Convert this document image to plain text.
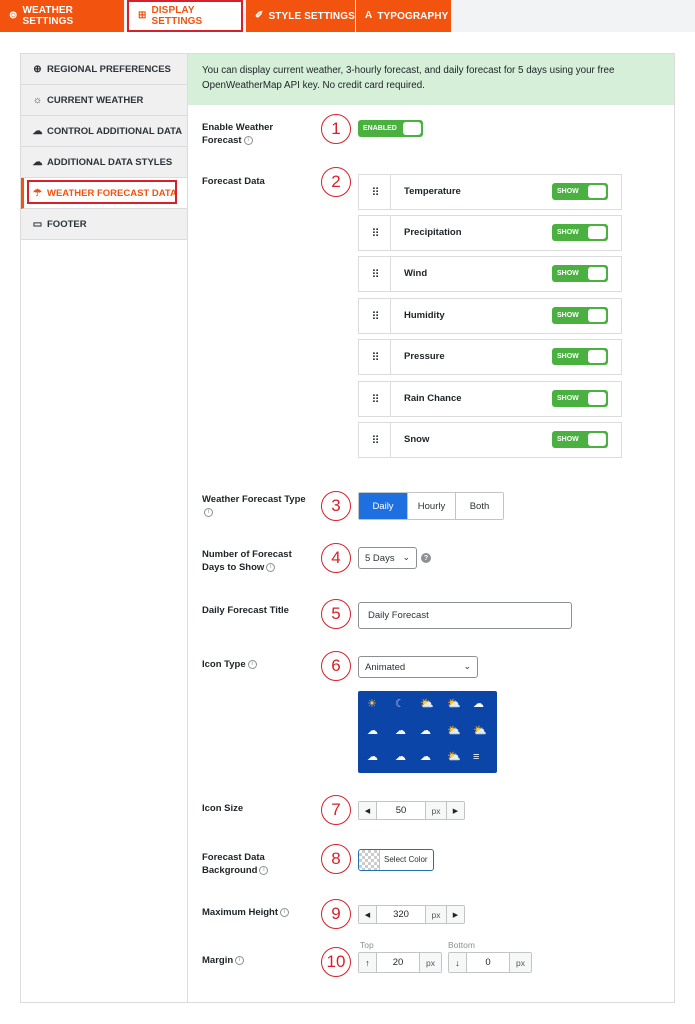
⊛ WEATHER SETTINGS
⊞ DISPLAY SETTINGS
✐ STYLE SETTINGS A TYPOGRAPHY
⊕ REGIONAL PREFERENCES
☼ CURRENT WEATHER
☁ CONTROL ADDITIONAL DATA
☁ ADDITIONAL DATA STYLES
☂ WEATHER FORECAST DATA
▭ FOOTER
You can display current weather, 3-hourly forecast, and daily forecast for 5 days using your free OpenWeatherMap API key. No credit card required.
Enable Weather Forecast i
1	ENABLED
Forecast Data	2
⠿	Temperature	SHOW
⠿	Precipitation	SHOW
⠿	Wind	SHOW
⠿	Humidity	SHOW
⠿	Pressure	SHOW
⠿	Rain Chance	SHOW
⠿	Snow	SHOW
Weather Forecast Type
i	3	Daily	Hourly	Both
Number of Forecast Days to Show i	4	5 Days ⌄	?
Daily Forecast Title	5	Daily Forecast
Icon Type i	6	Animated	⌄
☀ ☾ ⛅ ⛅ ☁
☁ ☁ ☁ ⛅ ⛅
☁ ☁ ☁ ⛅ ≡
Icon Size	7	◀	50	px	▶
Forecast Data Background i
8	Select Color
Maximum Height i	9	◀	320	px	▶
Margin i	10
Top	Bottom
↑	20	px	↓	0	px
